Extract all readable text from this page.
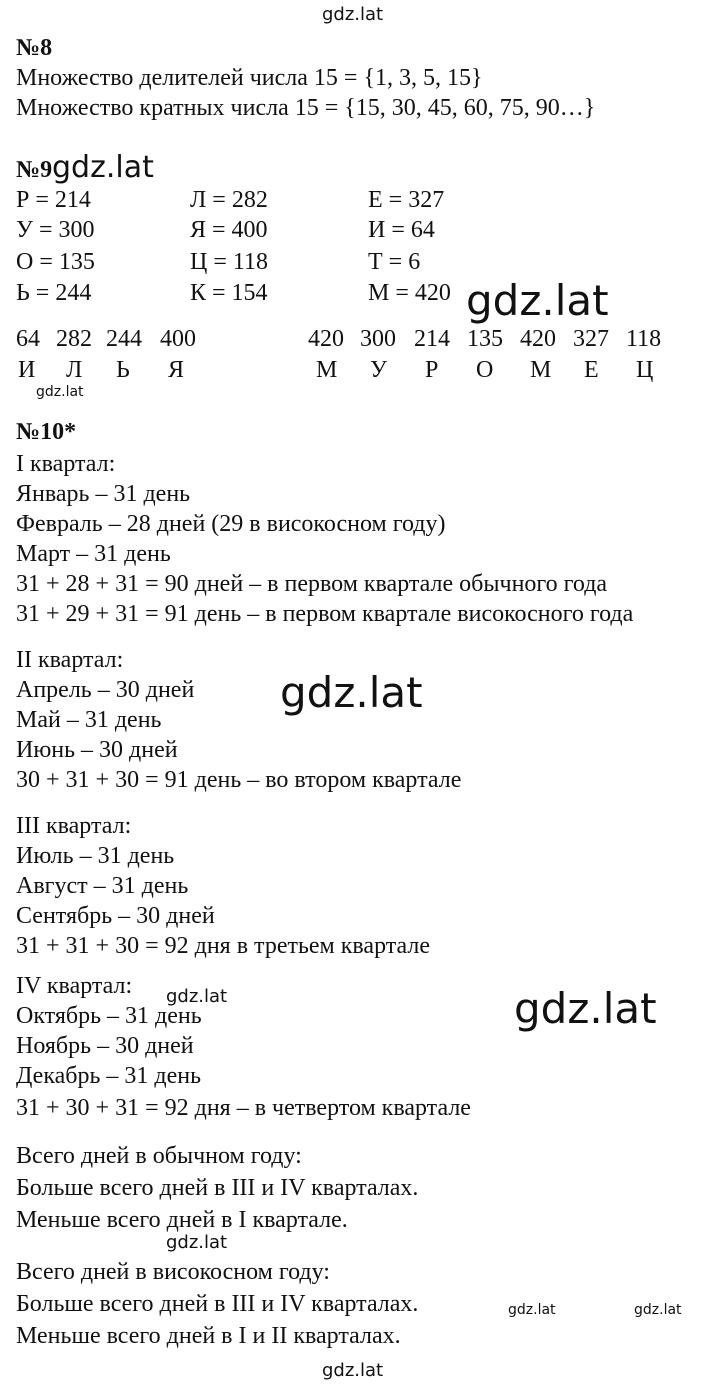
№8
Множество делителей числа 15 = {1, 3, 5, 15}
Множество кратных числа 15 = {15, 30, 45, 60, 75, 90…}
№9
Р = 214	Л = 282	Е = 327
У = 300	Я = 400	И = 64
О = 135	Ц = 118	Т = 6
Ь = 244	К = 154	М = 420
64 282 244 400
И Л Ь Я
420 300 214 135 420 327 118
М У Р О М Е Ц
№10*
I квартал:
Январь – 31 день
Февраль – 28 дней (29 в високосном году)
Март – 31 день
31 + 28 + 31 = 90 дней – в первом квартале обычного года
31 + 29 + 31 = 91 день – в первом квартале високосного года
II квартал:
Апрель – 30 дней
Май – 31 день
Июнь – 30 дней
30 + 31 + 30 = 91 день – во втором квартале
III квартал:
Июль – 31 день
Август – 31 день
Сентябрь – 30 дней
31 + 31 + 30 = 92 дня в третьем квартале
IV квартал:
Октябрь – 31 день
Ноябрь – 30 дней
Декабрь – 31 день
31 + 30 + 31 = 92 дня – в четвертом квартале
Всего дней в обычном году:
Больше всего дней в III и IV кварталах.
Меньше всего дней в I квартале.
Всего дней в високосном году:
Больше всего дней в III и IV кварталах.
Меньше всего дней в I и II кварталах.
gdz.lat
gdz.lat
gdz.lat
gdz.lat
gdz.lat
gdz.lat	gdz.lat
gdz.lat
gdz.lat	gdz.lat
gdz.lat
